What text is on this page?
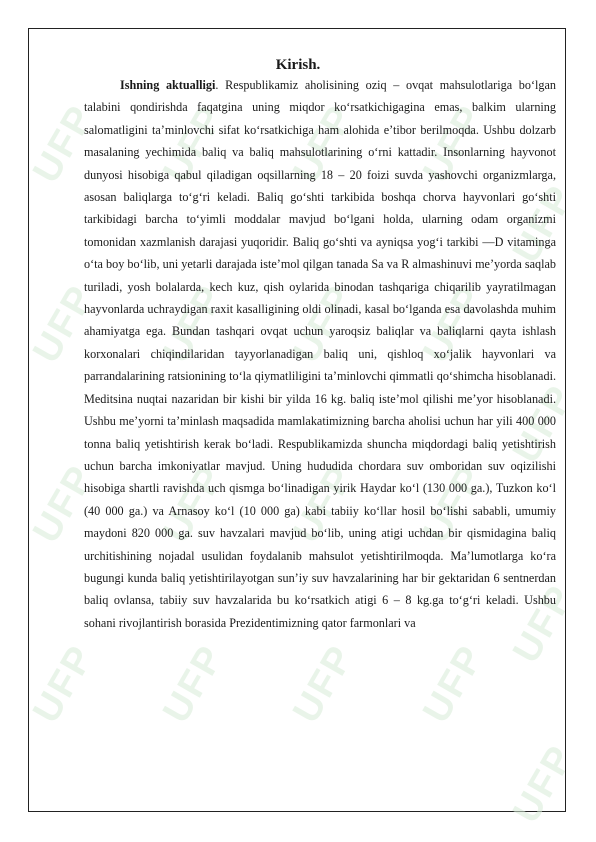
UFP UFP UFP UFP
UFP
UFP UFP UFP UFP
UFP
UFP UFP UFP UFP
UFP
UFP UFP UFP UFP
UFP
Kirish.

Ishning aktualligi. Respublikamiz aholisining oziq – ovqat mahsulotlariga bo‘lgan talabini qondirishda faqatgina uning miqdor ko‘rsatkichigagina emas, balkim ularning salomatligini ta’minlovchi sifat ko‘rsatkichiga ham alohida e’tibor berilmoqda. Ushbu dolzarb masalaning yechimida baliq va baliq mahsulotlarining o‘rni kattadir. Insonlarning hayvonot dunyosi hisobiga qabul qiladigan oqsillarning 18 – 20 foizi suvda yashovchi organizmlarga, asosan baliqlarga to‘g‘ri keladi. Baliq go‘shti tarkibida boshqa chorva hayvonlari go‘shti tarkibidagi barcha to‘yimli moddalar mavjud bo‘lgani holda, ularning odam organizmi tomonidan xazmlanish darajasi yuqoridir. Baliq go‘shti va ayniqsa yog‘i tarkibi —D vitaminga o‘ta boy bo‘lib, uni yetarli darajada iste’mol qilgan tanada Sa va R almashinuvi me’yorda saqlab turiladi, yosh bolalarda, kech kuz, qish oylarida binodan tashqariga chiqarilib yayratilmagan hayvonlarda uchraydigan raxit kasalligining oldi olinadi, kasal bo‘lganda esa davolashda muhim ahamiyatga ega. Bundan tashqari ovqat uchun yaroqsiz baliqlar va baliqlarni qayta ishlash korxonalari chiqindilaridan tayyorlanadigan baliq uni, qishloq xo‘jalik hayvonlari va parrandalarining ratsionining to‘la qiymatliligini ta’minlovchi qimmatli qo‘shimcha hisoblanadi. Meditsina nuqtai nazaridan bir kishi bir yilda 16 kg. baliq iste’mol qilishi me’yor hisoblanadi. Ushbu me’yorni ta’minlash maqsadida mamlakatimizning barcha aholisi uchun har yili 400 000 tonna baliq yetishtirish kerak bo‘ladi. Respublikamizda shuncha miqdordagi baliq yetishtirish uchun barcha imkoniyatlar mavjud. Uning hududida chordara suv omboridan suv oqizilishi hisobiga shartli ravishda uch qismga bo‘linadigan yirik Haydar ko‘l (130 000 ga.), Tuzkon ko‘l (40 000 ga.) va Arnasoy ko‘l (10 000 ga) kabi tabiiy ko‘llar hosil bo‘lishi sababli, umumiy maydoni 820 000 ga. suv havzalari mavjud bo‘lib, uning atigi uchdan bir qismidagina baliq urchitishining nojadal usulidan foydalanib mahsulot yetishtirilmoqda. Ma’lumotlarga ko‘ra bugungi kunda baliq yetishtirilayotgan sun’iy suv havzalarining har bir gektaridan 6 sentnerdan baliq ovlansa, tabiiy suv havzalarida bu ko‘rsatkich atigi 6 – 8 kg.ga to‘g‘ri keladi. Ushbu sohani rivojlantirish borasida Prezidentimizning qator farmonlari va
